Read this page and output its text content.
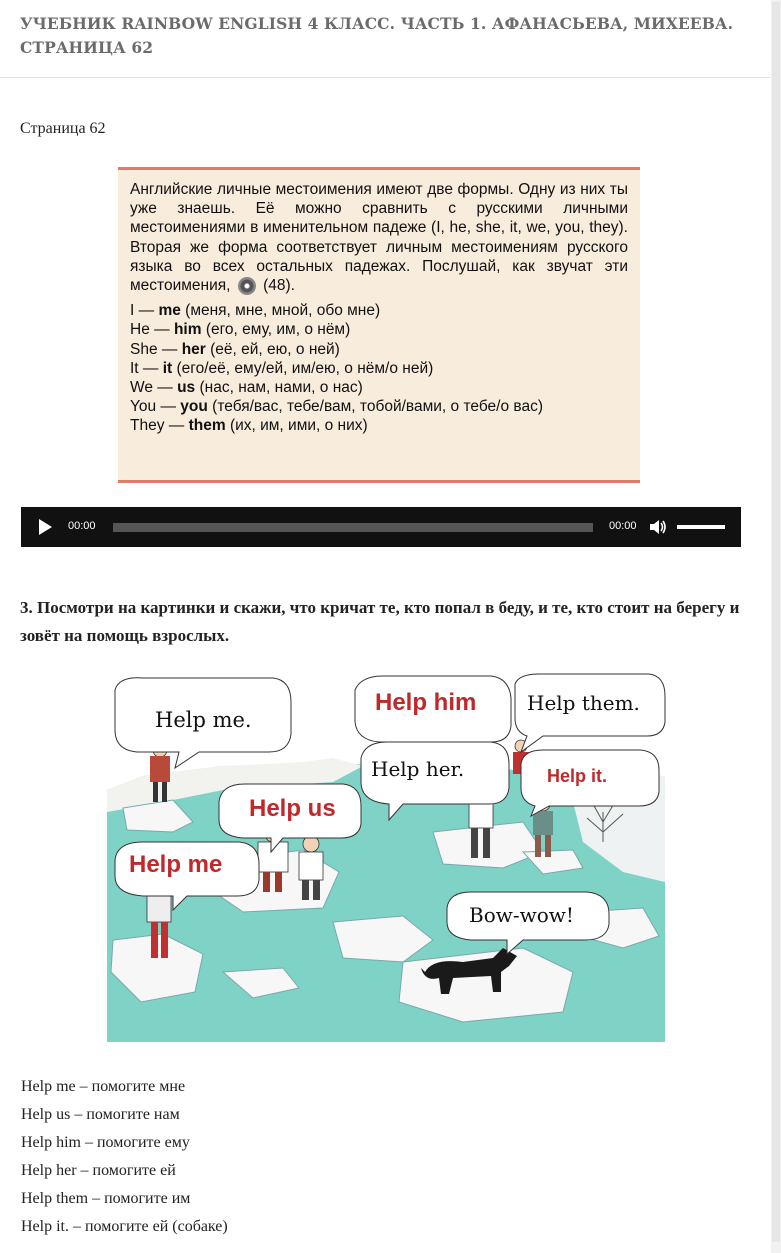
УЧЕБНИК RAINBOW ENGLISH 4 КЛАСС. ЧАСТЬ 1. АФАНАСЬЕВА, МИХЕЕВА.
СТРАНИЦА 62
Страница 62

Английские личные местоимения имеют две формы. Одну из них ты уже знаешь. Её можно сравнить с русскими личными местоимениями в именительном падеже (I, he, she, it, we, you, they). Вторая же форма соответствует личным местоимениям русского языка во всех остальных падежах. Послушай, как звучат эти местоимения, (48).

I — me (меня, мне, мной, обо мне)
He — him (его, ему, им, о нём)
She — her (её, ей, ею, о ней)
It — it (его/её, ему/ей, им/ею, о нём/о ней)
We — us (нас, нам, нами, о нас)
You — you (тебя/вас, тебе/вам, тобой/вами, о тебе/о вас)
They — them (их, им, ими, о них)
00:00	00:00
3. Посмотри на картинки и скажи, что кричат те, кто попал в беду, и те, кто стоит на берегу и зовёт на помощь взрослых.
Help me.
Help him	Help them.
Help her.	Help it.
Help us
Help me
Bow-wow!
Help me – помогите мне
Help us – помогите нам
Help him – помогите ему
Help her – помогите ей
Help them – помогите им
Help it. – помогите ей (собаке)
